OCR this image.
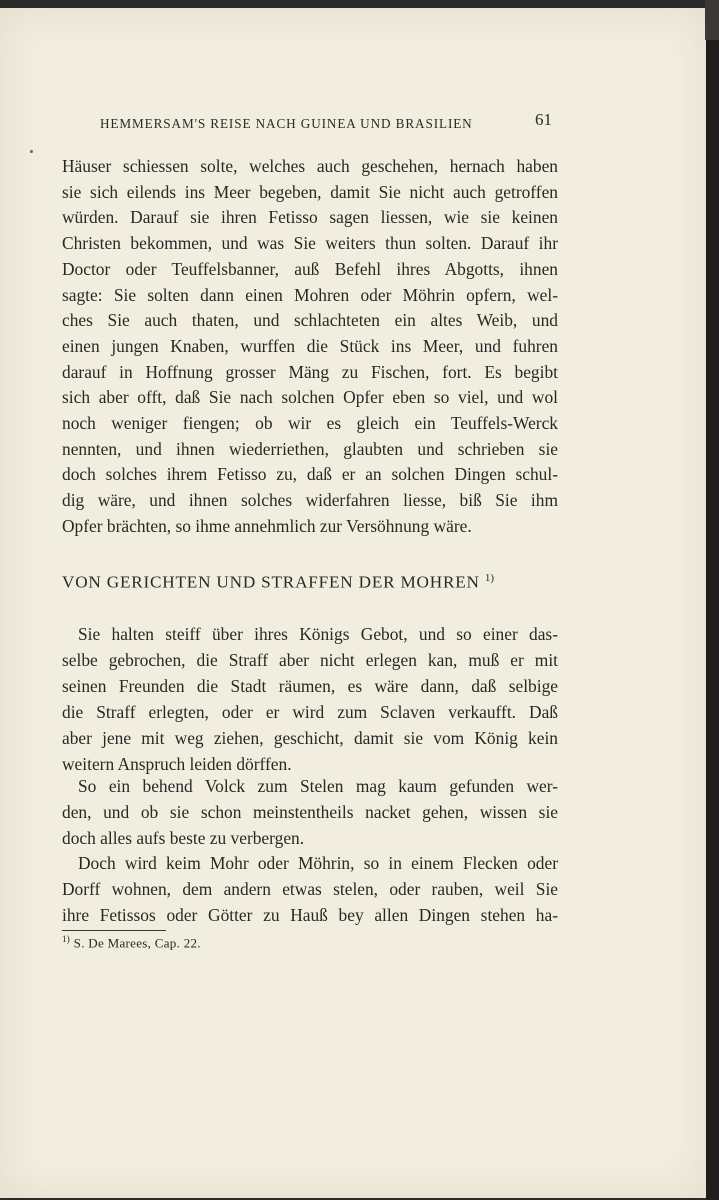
HEMMERSAM'S REISE NACH GUINEA UND BRASILIEN	61
Häuser schiessen solte, welches auch geschehen, hernach haben
sie sich eilends ins Meer begeben, damit Sie nicht auch getroffen
würden. Darauf sie ihren Fetisso sagen liessen, wie sie keinen
Christen bekommen, und was Sie weiters thun solten. Darauf ihr
Doctor oder Teuffelsbanner, auß Befehl ihres Abgotts, ihnen
sagte: Sie solten dann einen Mohren oder Möhrin opfern, wel-
ches Sie auch thaten, und schlachteten ein altes Weib, und
einen jungen Knaben, wurffen die Stück ins Meer, und fuhren
darauf in Hoffnung grosser Mäng zu Fischen, fort. Es begibt
sich aber offt, daß Sie nach solchen Opfer eben so viel, und wol
noch weniger fiengen; ob wir es gleich ein Teuffels-Werck
nennten, und ihnen wiederriethen, glaubten und schrieben sie
doch solches ihrem Fetisso zu, daß er an solchen Dingen schul-
dig wäre, und ihnen solches widerfahren liesse, biß Sie ihm
Opfer brächten, so ihme annehmlich zur Versöhnung wäre.
VON GERICHTEN UND STRAFFEN DER MOHREN $^{1)}$
Sie halten steiff über ihres Königs Gebot, und so einer das-
selbe gebrochen, die Straff aber nicht erlegen kan, muß er mit
seinen Freunden die Stadt räumen, es wäre dann, daß selbige
die Straff erlegten, oder er wird zum Sclaven verkaufft. Daß
aber jene mit weg ziehen, geschicht, damit sie vom König kein
weitern Anspruch leiden dörffen.
So ein behend Volck zum Stelen mag kaum gefunden wer-
den, und ob sie schon meinstentheils nacket gehen, wissen sie
doch alles aufs beste zu verbergen.
Doch wird keim Mohr oder Möhrin, so in einem Flecken oder
Dorff wohnen, dem andern etwas stelen, oder rauben, weil Sie
ihre Fetissos oder Götter zu Hauß bey allen Dingen stehen ha-
$^{1)}$ S. De Marees, Cap. 22.
